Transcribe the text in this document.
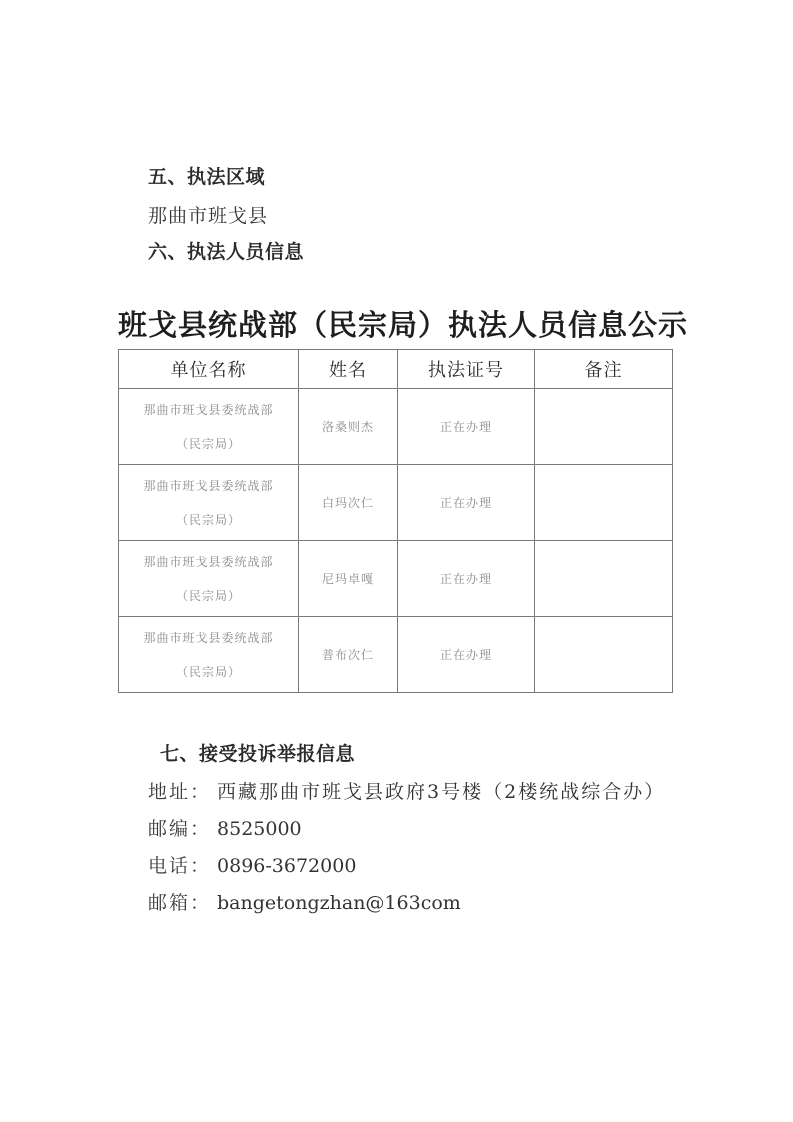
五、执法区域
那曲市班戈县
六、执法人员信息
班戈县统战部（民宗局）执法人员信息公示
单位名称	姓名	执法证号	备注

那曲市班戈县委统战部
（民宗局）	洛桑则杰	正在办理	

那曲市班戈县委统战部
（民宗局）	白玛次仁	正在办理	

那曲市班戈县委统战部
（民宗局）	尼玛卓嘎	正在办理	

那曲市班戈县委统战部
（民宗局）	普布次仁	正在办理	
七、接受投诉举报信息
地址： 西藏那曲市班戈县政府3号楼（2楼统战综合办）
邮编： 8525000
电话： 0896-3672000
邮箱： bangetongzhan@163com
